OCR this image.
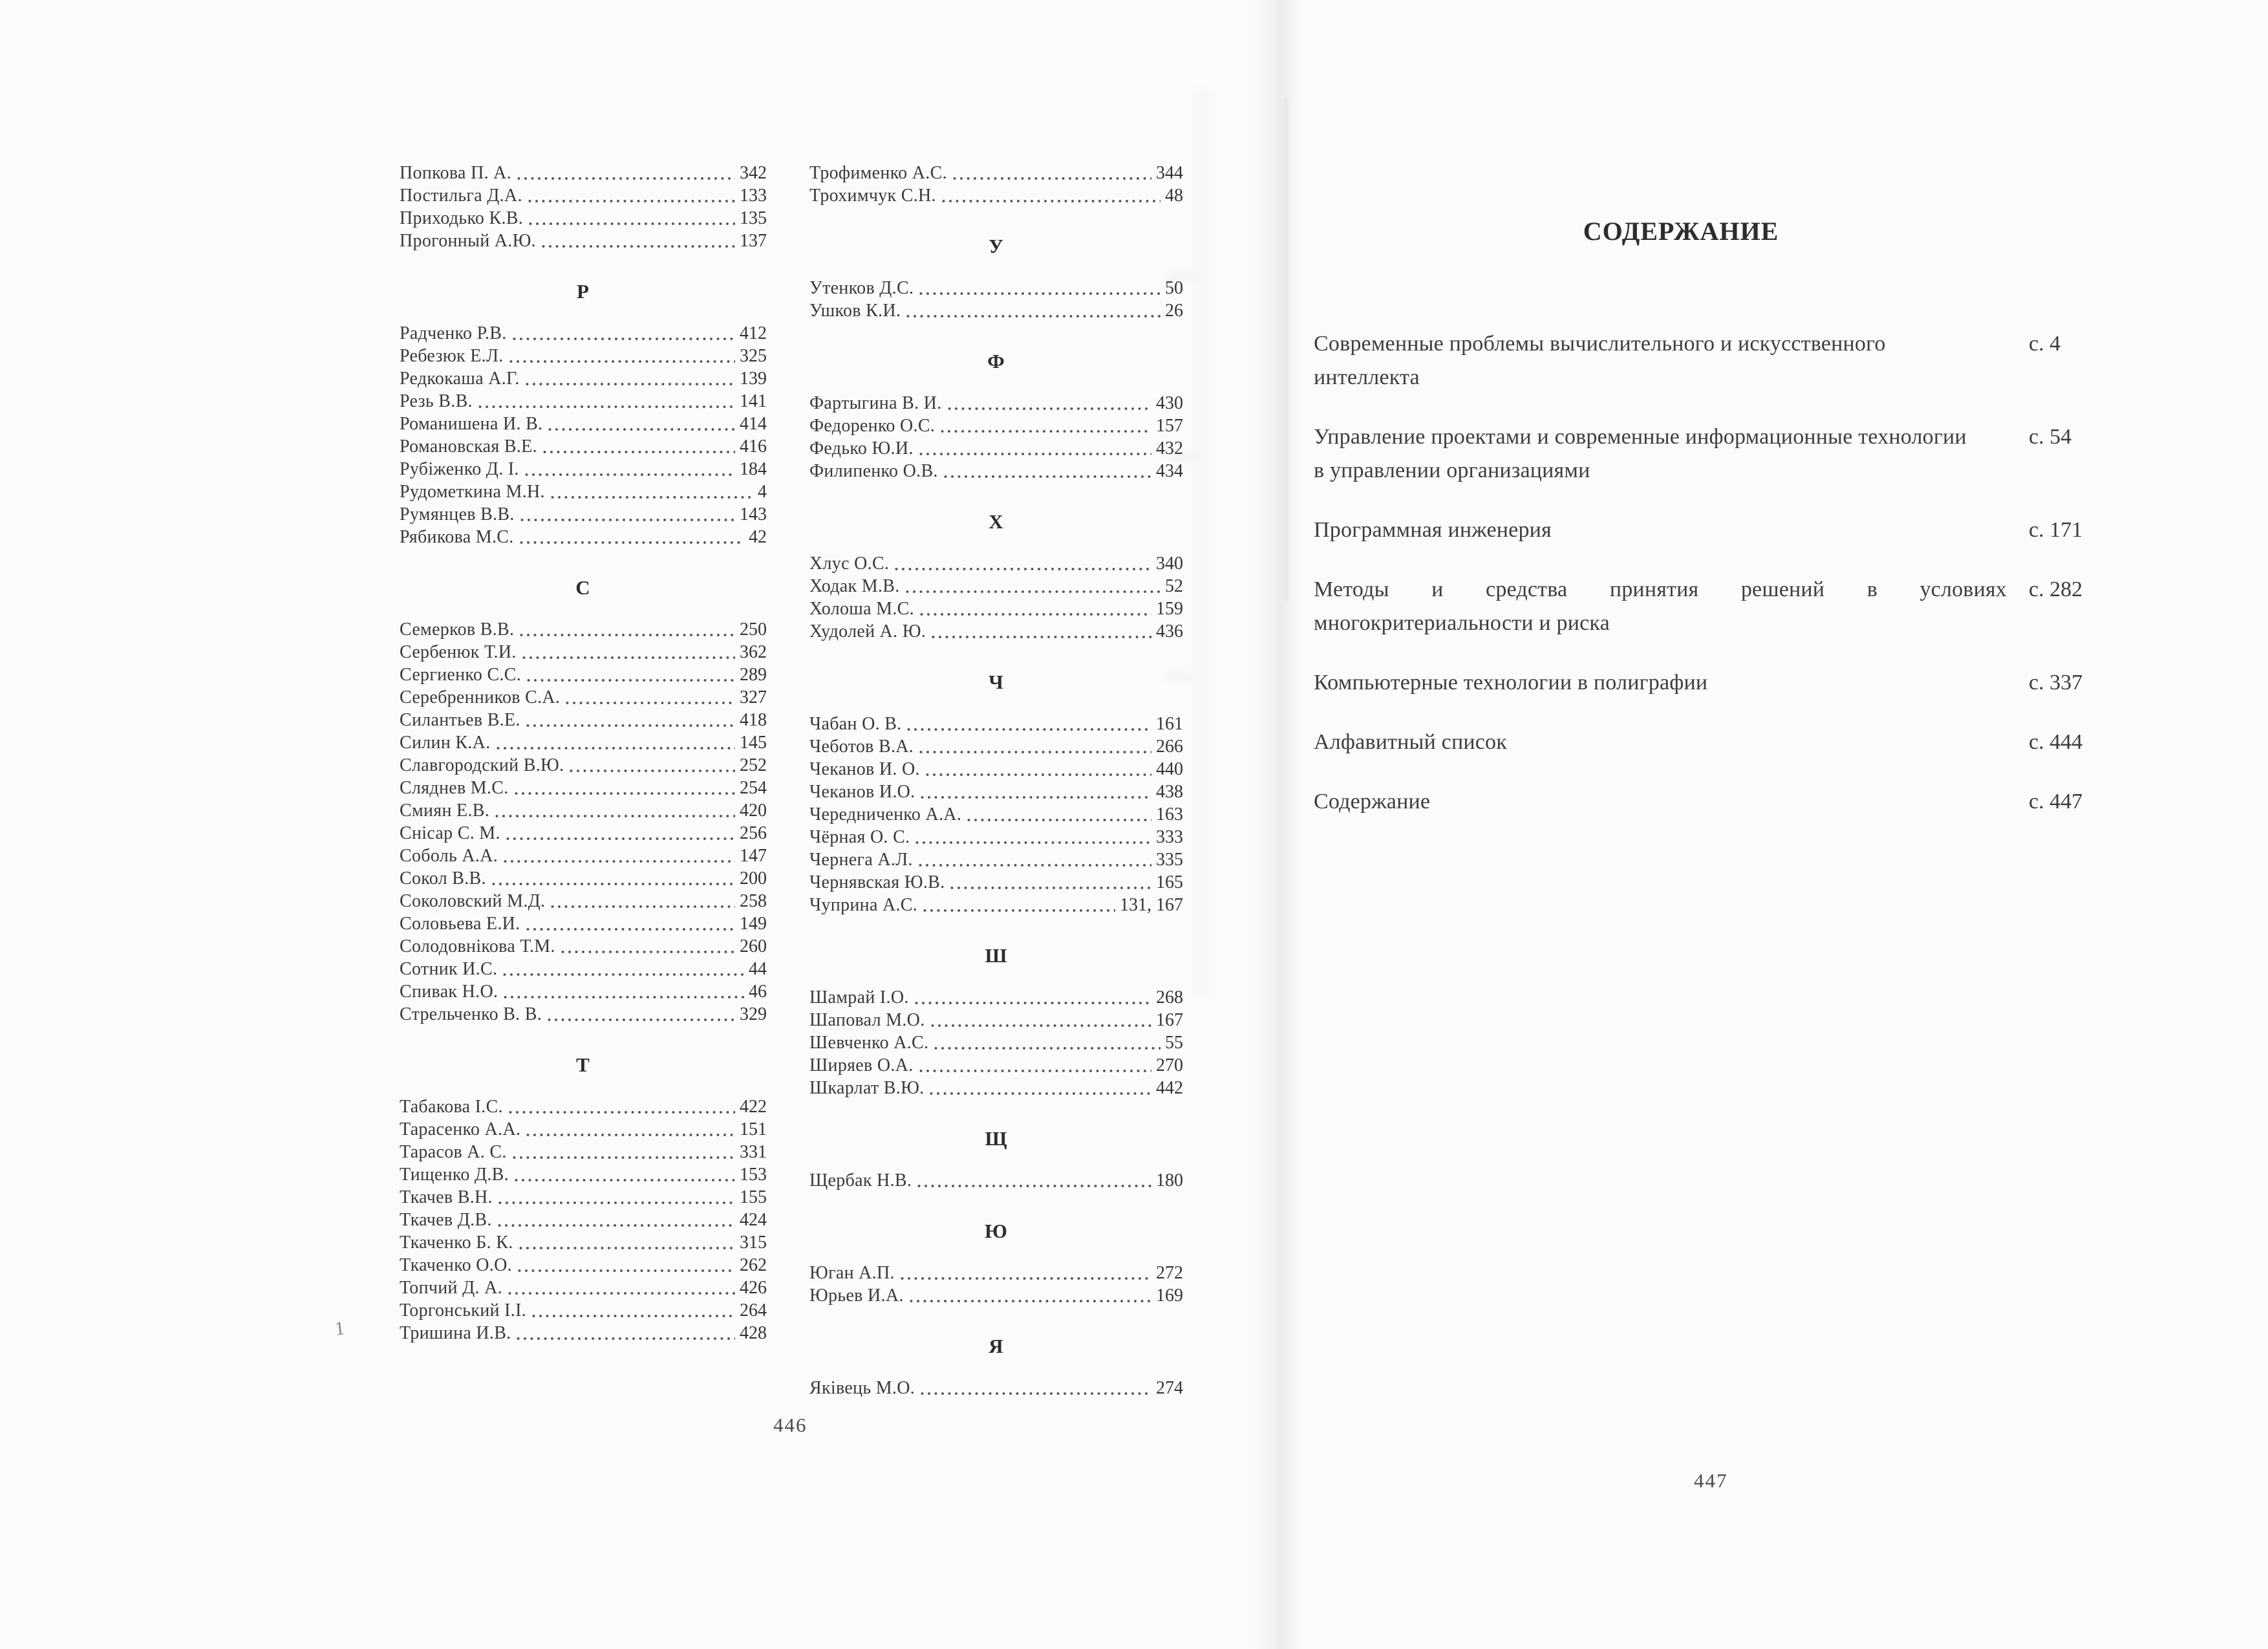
Попкова П. А.	342
Постильга Д.А.	133
Приходько К.В.	135
Прогонный А.Ю.	137
Р
Радченко Р.В.	412
Ребезюк Е.Л.	325
Редкокаша А.Г.	139
Резь В.В.	141
Романишена И. В.	414
Романовская В.Е.	416
Рубіженко Д. І.	184
Рудометкина М.Н.	4
Румянцев В.В.	143
Рябикова М.С.	42
С
Семерков В.В.	250
Сербенюк Т.И.	362
Сергиенко С.С.	289
Серебренников С.А.	327
Силантьев В.Е.	418
Силин К.А.	145
Славгородский В.Ю.	252
Сляднев М.С.	254
Смиян Е.В.	420
Снісар С. М.	256
Соболь А.А.	147
Сокол В.В.	200
Соколовский М.Д.	258
Соловьева Е.И.	149
Солодовнікова Т.М.	260
Сотник И.С.	44
Спивак Н.О.	46
Стрельченко В. В.	329
Т
Табакова І.С.	422
Тарасенко А.А.	151
Тарасов А. С.	331
Тищенко Д.В.	153
Ткачев В.Н.	155
Ткачев Д.В.	424
Ткаченко Б. К.	315
Ткаченко О.О.	262
Топчий Д. А.	426
Торгонський І.І.	264
Тришина И.В.	428
Трофименко А.С.	344
Трохимчук С.Н.	48
У
Утенков Д.С.	50
Ушков К.И.	26
Ф
Фартыгина В. И.	430
Федоренко О.С.	157
Федько Ю.И.	432
Филипенко О.В.	434
Х
Хлус О.С.	340
Ходак М.В.	52
Холоша М.С.	159
Худолей А. Ю.	436
Ч
Чабан О. В.	161
Чеботов В.А.	266
Чеканов И. О.	440
Чеканов И.О.	438
Чередниченко А.А.	163
Чёрная О. С.	333
Чернега А.Л.	335
Чернявская Ю.В.	165
Чуприна А.С.	131, 167
Ш
Шамрай І.О.	268
Шаповал М.О.	167
Шевченко А.С.	55
Ширяев О.А.	270
Шкарлат В.Ю.	442
Щ
Щербак Н.В.	180
Ю
Юган А.П.	272
Юрьев И.А.	169
Я
Яківець М.О.	274
446
1
СОДЕРЖАНИЕ
Современные проблемы вычислительного и искусственного
интеллекта
с. 4
Управление проектами и современные информационные технологии
в управлении организациями
с. 54
Программная инженерия	с. 171
Методы и средства принятия решений в условиях
многокритериальности и риска
с. 282
Компьютерные технологии в полиграфии	с. 337
Алфавитный список	с. 444
Содержание	с. 447
447
